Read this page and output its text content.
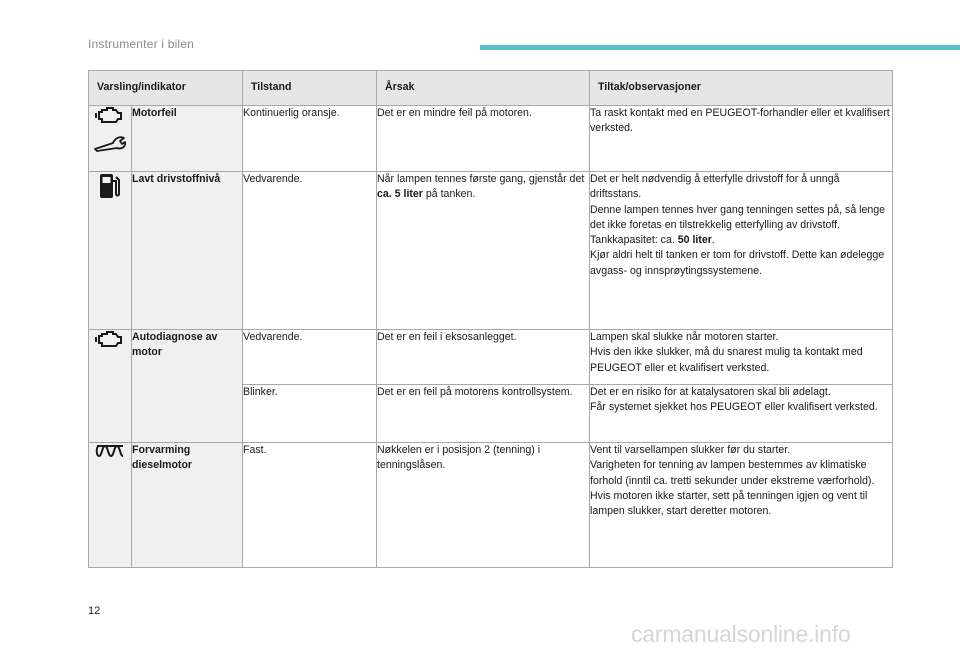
Instrumenter i bilen
Varsling/indikator		Tilstand	Årsak	Tiltak/observasjoner

	Motorfeil	Kontinuerlig oransje.	Det er en mindre feil på motoren.	Ta raskt kontakt med en PEUGEOT-forhandler eller et kvalifisert verksted.

	Lavt drivstoffnivå	Vedvarende.	Når lampen tennes første gang, gjenstår det ca. 5 liter på tanken.	Det er helt nødvendig å etterfylle drivstoff for å unngå driftsstans.
Denne lampen tennes hver gang tenningen settes på, så lenge det ikke foretas en tilstrekkelig etterfylling av drivstoff.
Tankkapasitet: ca. 50 liter.
Kjør aldri helt til tanken er tom for drivstoff. Dette kan ødelegge avgass- og innsprøytingssystemene.

	Autodiagnose av motor	Vedvarende.	Det er en feil i eksosanlegget.	Lampen skal slukke når motoren starter.
Hvis den ikke slukker, må du snarest mulig ta kontakt med PEUGEOT eller et kvalifisert verksted.

		Blinker.	Det er en feil på motorens kontrollsystem.	Det er en risiko for at katalysatoren skal bli ødelagt.
Får systemet sjekket hos PEUGEOT eller kvalifisert verksted.

	Forvarming dieselmotor	Fast.	Nøkkelen er i posisjon 2 (tenning) i tenningslåsen.	Vent til varsellampen slukker før du starter.
Varigheten for tenning av lampen bestemmes av klimatiske forhold (inntil ca. tretti sekunder under ekstreme værforhold).
Hvis motoren ikke starter, sett på tenningen igjen og vent til lampen slukker, start deretter motoren.
12
carmanualsonline.info
